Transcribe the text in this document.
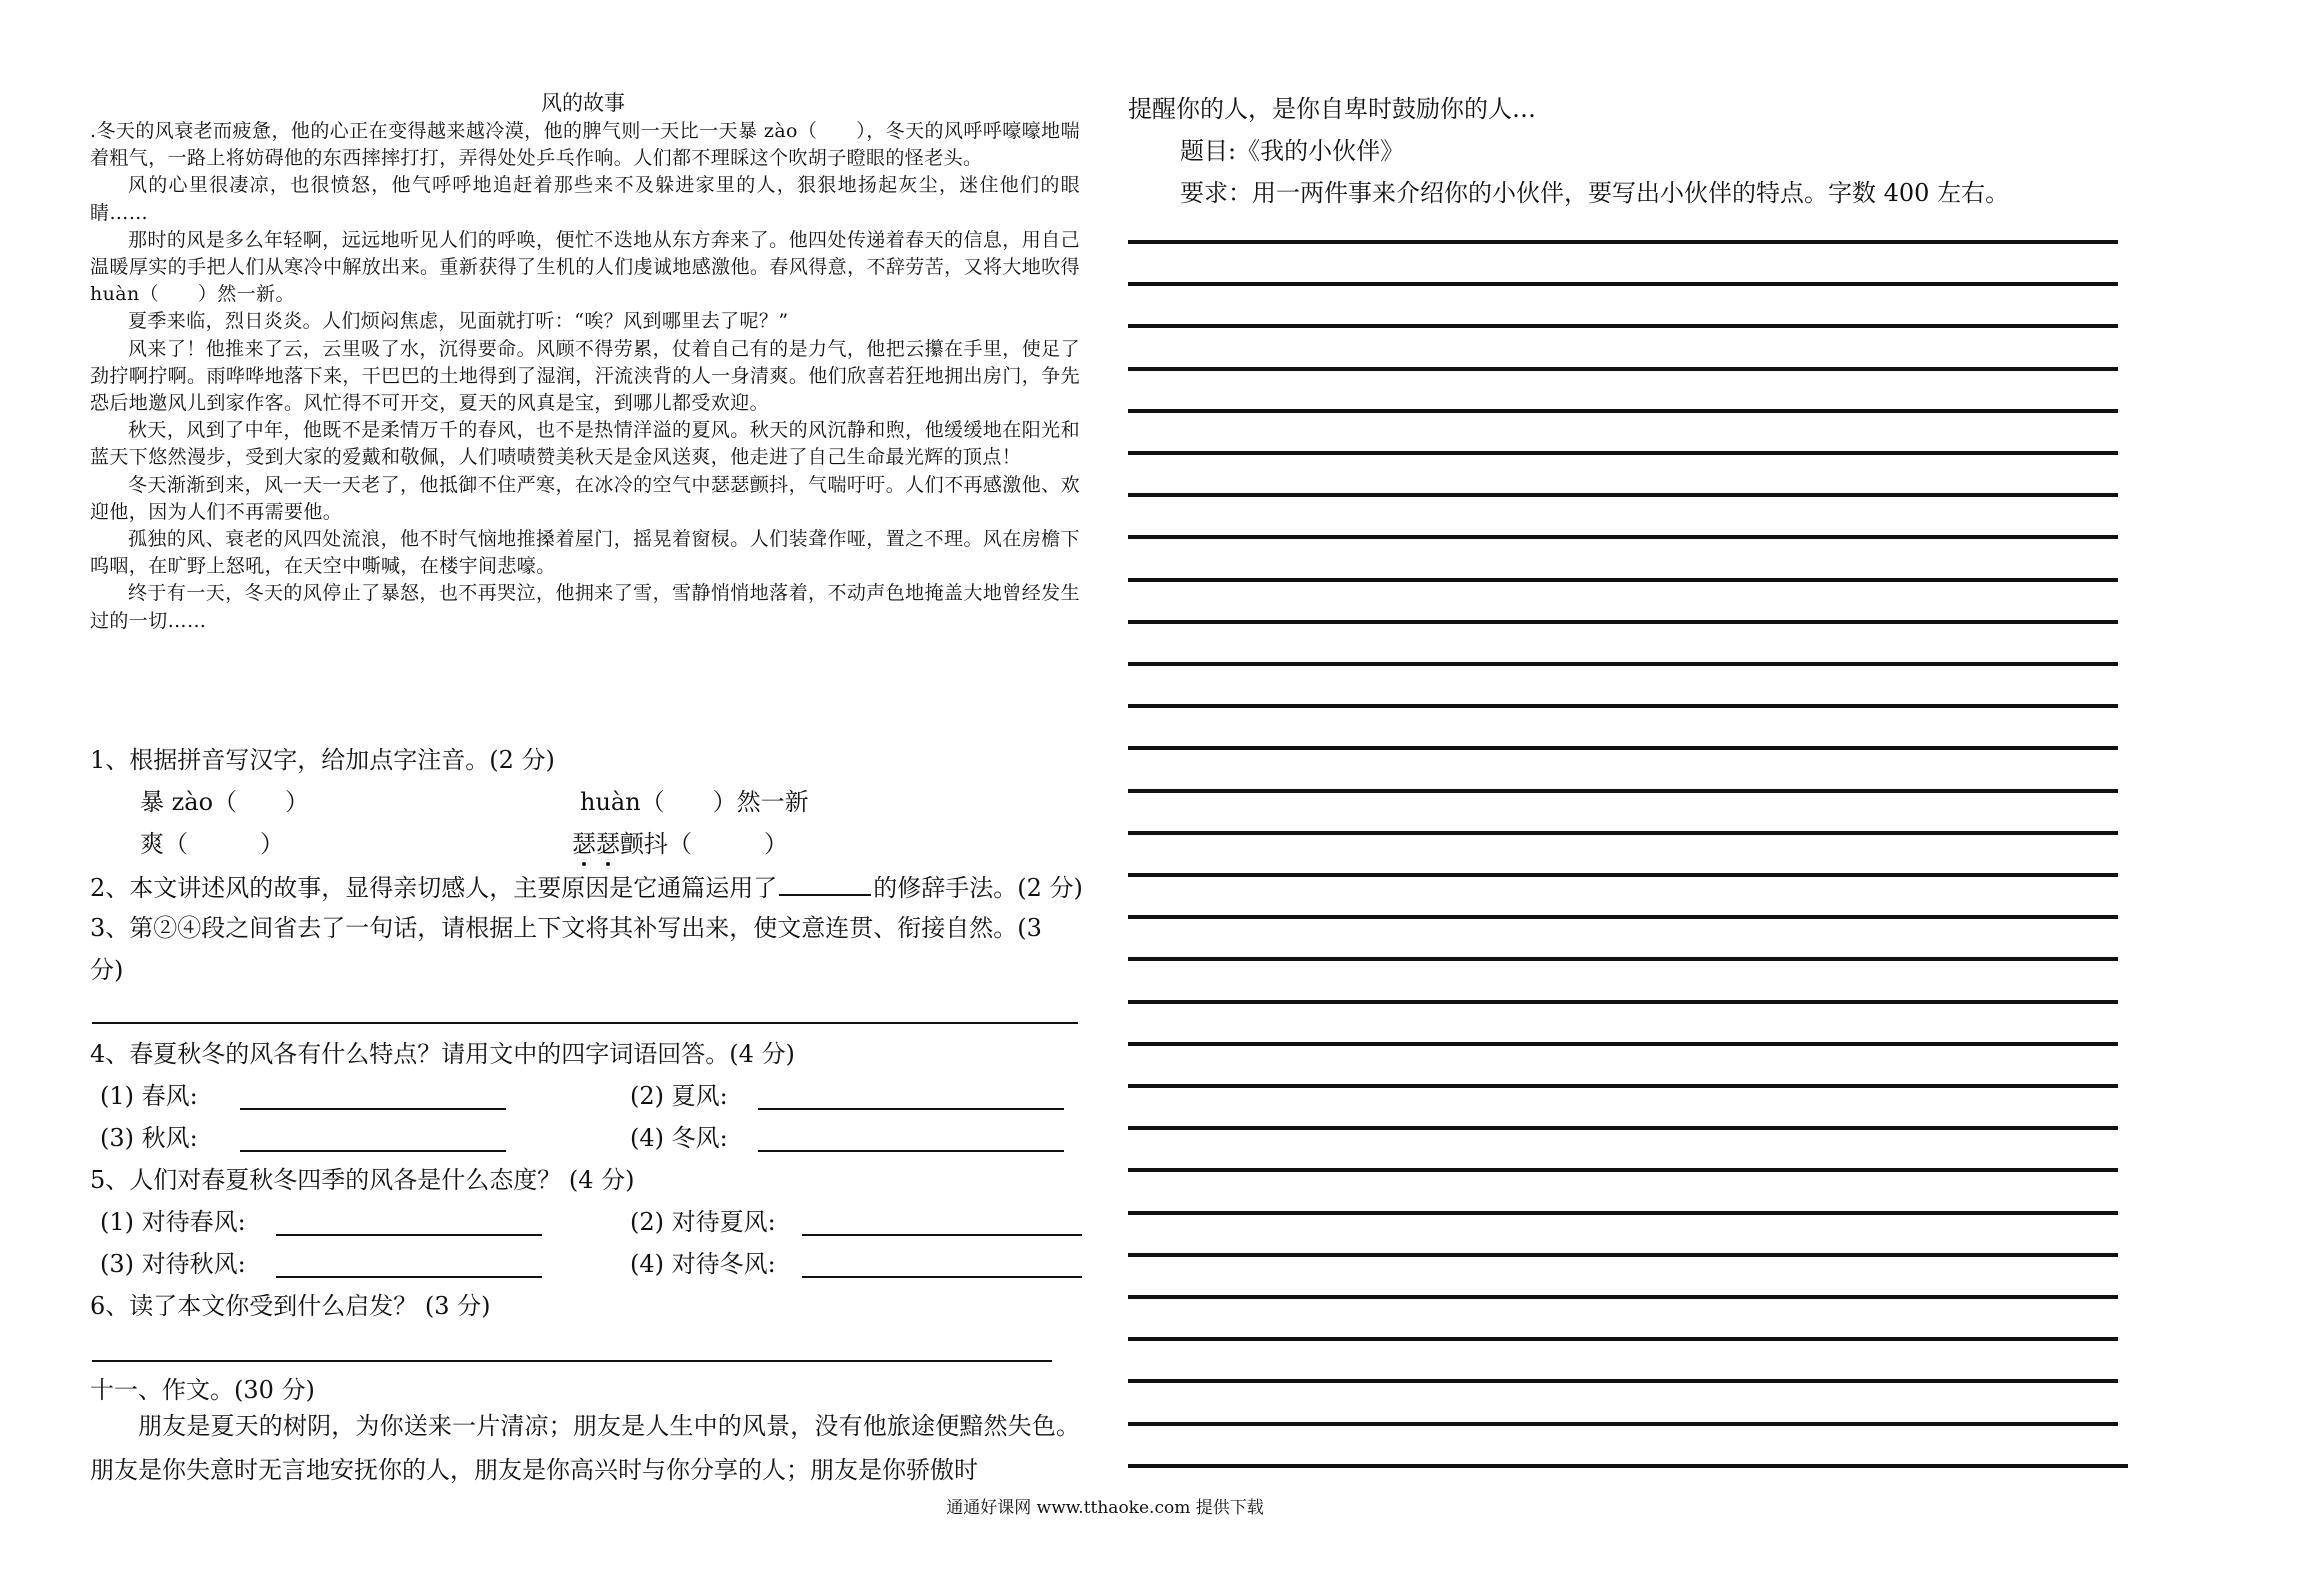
风的故事

.冬天的风衰老而疲惫，他的心正在变得越来越冷漠，他的脾气则一天比一天暴 zào（　　），冬天的风呼呼嚎嚎地喘着粗气，一路上将妨碍他的东西摔摔打打，弄得处处乒乓作响。人们都不理睬这个吹胡子瞪眼的怪老头。

风的心里很凄凉，也很愤怒，他气呼呼地追赶着那些来不及躲进家里的人，狠狠地扬起灰尘，迷住他们的眼睛……

那时的风是多么年轻啊，远远地听见人们的呼唤，便忙不迭地从东方奔来了。他四处传递着春天的信息，用自己温暖厚实的手把人们从寒冷中解放出来。重新获得了生机的人们虔诚地感激他。春风得意，不辞劳苦，又将大地吹得 huàn（　　）然一新。

夏季来临，烈日炎炎。人们烦闷焦虑，见面就打听：“唉？风到哪里去了呢？”

风来了！他推来了云，云里吸了水，沉得要命。风顾不得劳累，仗着自己有的是力气，他把云攥在手里，使足了劲拧啊拧啊。雨哗哗地落下来，干巴巴的土地得到了湿润，汗流浃背的人一身清爽。他们欣喜若狂地拥出房门，争先恐后地邀风儿到家作客。风忙得不可开交，夏天的风真是宝，到哪儿都受欢迎。

秋天，风到了中年，他既不是柔情万千的春风，也不是热情洋溢的夏风。秋天的风沉静和煦，他缓缓地在阳光和蓝天下悠然漫步，受到大家的爱戴和敬佩，人们啧啧赞美秋天是金风送爽，他走进了自己生命最光辉的顶点！

冬天渐渐到来，风一天一天老了，他抵御不住严寒，在冰冷的空气中瑟瑟颤抖，气喘吁吁。人们不再感激他、欢迎他，因为人们不再需要他。

孤独的风、衰老的风四处流浪，他不时气恼地推搡着屋门，摇晃着窗棂。人们装聋作哑，置之不理。风在房檐下呜咽，在旷野上怒吼，在天空中嘶喊，在楼宇间悲嚎。

终于有一天，冬天的风停止了暴怒，也不再哭泣，他拥来了雪，雪静悄悄地落着，不动声色地掩盖大地曾经发生过的一切……

1、根据拼音写汉字，给加点字注音。(2 分)
暴 zào（　　）	huàn（　　）然一新
爽（　　　）	瑟瑟颤抖（　　　）
2、本文讲述风的故事，显得亲切感人，主要原因是它通篇运用了	的修辞手法。(2 分)
3、第②④段之间省去了一句话，请根据上下文将其补写出来，使文意连贯、衔接自然。(3
分)
4、春夏秋冬的风各有什么特点？请用文中的四字词语回答。(4 分)
(1) 春风:	(2) 夏风:
(3) 秋风:	(4) 冬风:
5、人们对春夏秋冬四季的风各是什么态度？ (4 分)
(1) 对待春风:	(2) 对待夏风:
(3) 对待秋风:	(4) 对待冬风:
6、读了本文你受到什么启发？ (3 分)
十一、作文。(30 分)

朋友是夏天的树阴，为你送来一片清凉；朋友是人生中的风景，没有他旅途便黯然失色。朋友是你失意时无言地安抚你的人，朋友是你高兴时与你分享的人；朋友是你骄傲时

提醒你的人，是你自卑时鼓励你的人…
题目:《我的小伙伴》
要求：用一两件事来介绍你的小伙伴，要写出小伙伴的特点。字数 400 左右。
通通好课网 www.tthaoke.com 提供下载
